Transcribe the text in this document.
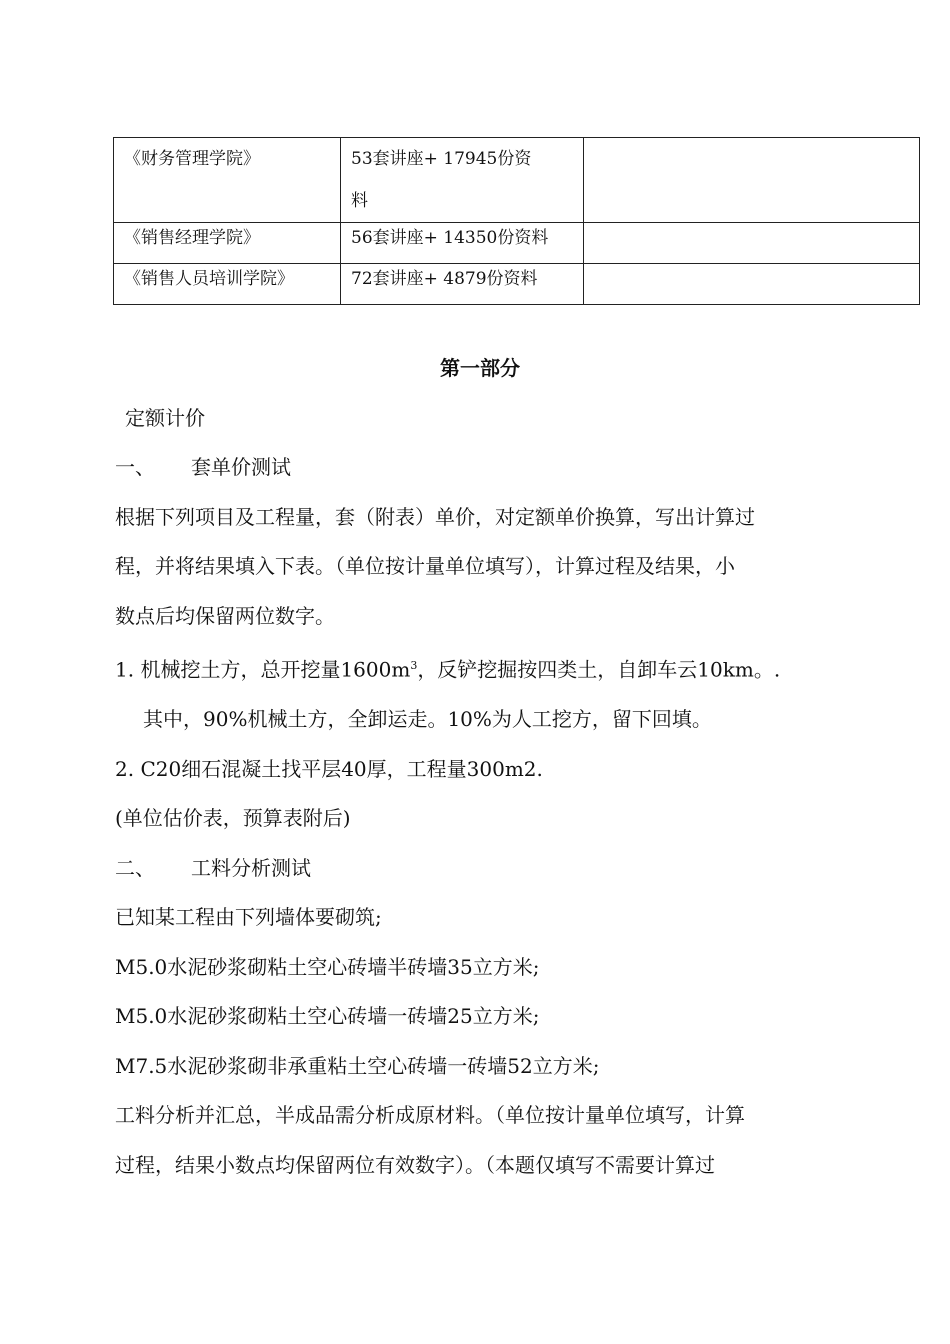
《财务管理学院》	53套讲座+ 17945份资
料	
《销售经理学院》	56套讲座+ 14350份资料	
《销售人员培训学院》	72套讲座+ 4879份资料	

第一部分

定额计价

一、 套单价测试

根据下列项目及工程量，套（附表）单价，对定额单价换算，写出计算过

程，并将结果填入下表。（单位按计量单位填写），计算过程及结果，小

数点后均保留两位数字。

1. 机械挖土方，总开挖量$1600m^3$，反铲挖掘按四类土，自卸车云10km。.

其中，90%机械土方，全卸运走。10%为人工挖方，留下回填。

2. C20细石混凝土找平层40厚，工程量300m2.

(单位估价表，预算表附后)

二、 工料分析测试

已知某工程由下列墙体要砌筑;

M5.0水泥砂浆砌粘土空心砖墙半砖墙35立方米;

M5.0水泥砂浆砌粘土空心砖墙一砖墙25立方米;

M7.5水泥砂浆砌非承重粘土空心砖墙一砖墙52立方米;

工料分析并汇总，半成品需分析成原材料。（单位按计量单位填写，计算

过程，结果小数点均保留两位有效数字）。（本题仅填写不需要计算过
